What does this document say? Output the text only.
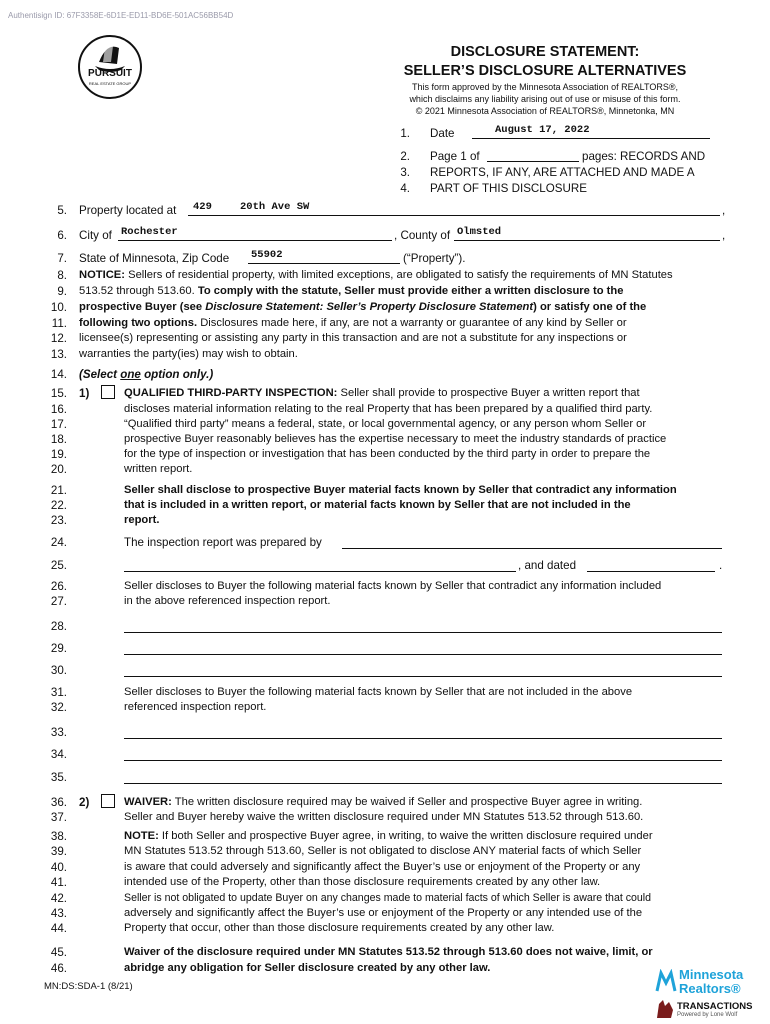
Authentisign ID: 67F3358E-6D1E-ED11-BD6E-501AC56BB54D
PURSUIT
REAL ESTATE GROUP
DISCLOSURE STATEMENT:
SELLER’S DISCLOSURE ALTERNATIVES
This form approved by the Minnesota Association of REALTORS®,
which disclaims any liability arising out of use or misuse of this form.
© 2021 Minnesota Association of REALTORS®, Minnetonka, MN
1. Date	August 17, 2022
2. Page 1 of	pages: RECORDS AND
3. REPORTS, IF ANY, ARE ATTACHED AND MADE A
4. PART OF THIS DISCLOSURE
5. Property located at 429	20th Ave SW	,
6. City of Rochester	, County of Olmsted	,
7. State of Minnesota, Zip Code 55902	(“Property”).
8.
9.
10.
11.
12.
13.
NOTICE: Sellers of residential property, with limited exceptions, are obligated to satisfy the requirements of MN Statutes
513.52 through 513.60. To comply with the statute, Seller must provide either a written disclosure to the
prospective Buyer (see Disclosure Statement: Seller’s Property Disclosure Statement) or satisfy one of the
following two options. Disclosures made here, if any, are not a warranty or guarantee of any kind by Seller or
licensee(s) representing or assisting any party in this transaction and are not a substitute for any inspections or
warranties the party(ies) may wish to obtain.
14. (Select one option only.)
15. 1)	QUALIFIED THIRD-PARTY INSPECTION: Seller shall provide to prospective Buyer a written report that
16.
17.
18.
19.
20.
discloses material information relating to the real Property that has been prepared by a qualified third party.
“Qualified third party” means a federal, state, or local governmental agency, or any person whom Seller or
prospective Buyer reasonably believes has the expertise necessary to meet the industry standards of practice
for the type of inspection or investigation that has been conducted by the third party in order to prepare the
written report.
21.
22.
23.
Seller shall disclose to prospective Buyer material facts known by Seller that contradict any information
that is included in a written report, or material facts known by Seller that are not included in the
report.
24.	The inspection report was prepared by
25.	, and dated	.
26.
27.
Seller discloses to Buyer the following material facts known by Seller that contradict any information included
in the above referenced inspection report.
28.
29.
30.
31.
32.
Seller discloses to Buyer the following material facts known by Seller that are not included in the above
referenced inspection report.
33.
34.
35.
36. 2)	WAIVER: The written disclosure required may be waived if Seller and prospective Buyer agree in writing.
37.	Seller and Buyer hereby waive the written disclosure required under MN Statutes 513.52 through 513.60.
38.
39.
40.
41.
42.
43.
44.
NOTE: If both Seller and prospective Buyer agree, in writing, to waive the written disclosure required under
MN Statutes 513.52 through 513.60, Seller is not obligated to disclose ANY material facts of which Seller
is aware that could adversely and significantly affect the Buyer’s use or enjoyment of the Property or any
intended use of the Property, other than those disclosure requirements created by any other law.
Seller is not obligated to update Buyer on any changes made to material facts of which Seller is aware that could
adversely and significantly affect the Buyer’s use or enjoyment of the Property or any intended use of the
Property that occur, other than those disclosure requirements created by any other law.
45.
46.
Waiver of the disclosure required under MN Statutes 513.52 through 513.60 does not waive, limit, or
abridge any obligation for Seller disclosure created by any other law.
MN:DS:SDA-1 (8/21)
Minnesota
Realtors®
TRANSACTIONS
Powered by Lone Wolf
